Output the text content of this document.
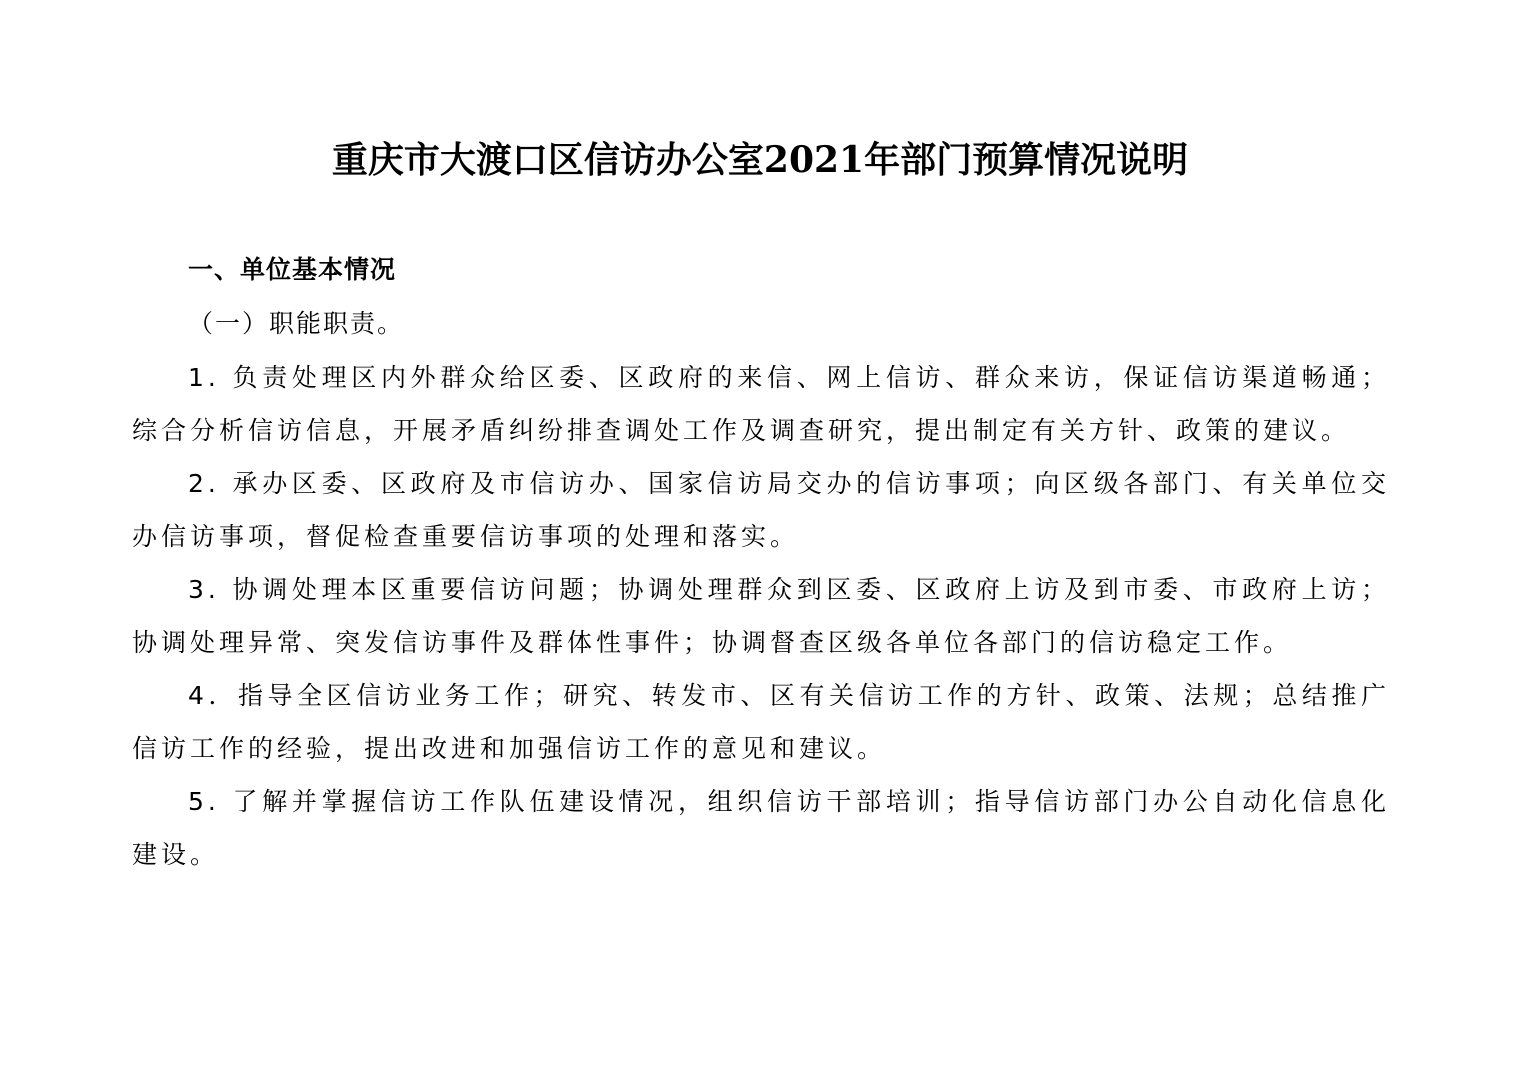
重庆市大渡口区信访办公室2021年部门预算情况说明

一、单位基本情况

（一）职能职责。

1. 负责处理区内外群众给区委、区政府的来信、网上信访、群众来访，保证信访渠道畅通；综合分析信访信息，开展矛盾纠纷排查调处工作及调查研究，提出制定有关方针、政策的建议。

2. 承办区委、区政府及市信访办、国家信访局交办的信访事项；向区级各部门、有关单位交办信访事项，督促检查重要信访事项的处理和落实。

3. 协调处理本区重要信访问题；协调处理群众到区委、区政府上访及到市委、市政府上访；协调处理异常、突发信访事件及群体性事件；协调督查区级各单位各部门的信访稳定工作。

4．指导全区信访业务工作；研究、转发市、区有关信访工作的方针、政策、法规；总结推广信访工作的经验，提出改进和加强信访工作的意见和建议。

5. 了解并掌握信访工作队伍建设情况，组织信访干部培训；指导信访部门办公自动化信息化建设。
